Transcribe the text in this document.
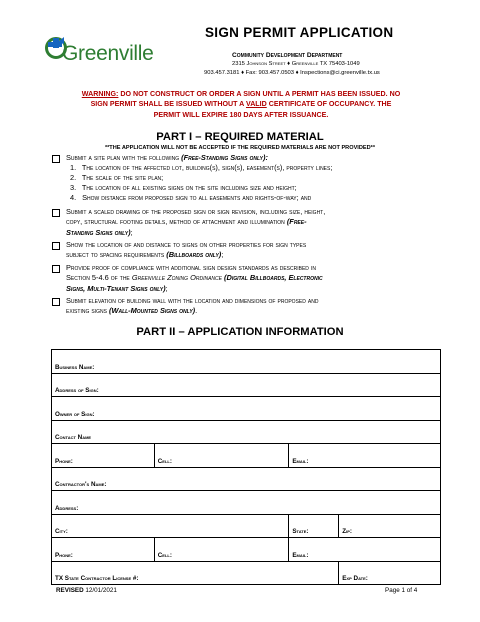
Greenville
SIGN PERMIT APPLICATION
Community Development Department
2315 Johnson Street ♦ Greenville TX 75403-1049
903.457.3181 ♦ Fax: 903.457.0503 ♦ Inspections@ci.greenville.tx.us
WARNING: DO NOT CONSTRUCT OR ORDER A SIGN UNTIL A PERMIT HAS BEEN ISSUED. NO
SIGN PERMIT SHALL BE ISSUED WITHOUT A VALID CERTIFICATE OF OCCUPANCY. THE
PERMIT WILL EXPIRE 180 DAYS AFTER ISSUANCE.
PART I – REQUIRED MATERIAL
**THE APPLICATION WILL NOT BE ACCEPTED IF THE REQUIRED MATERIALS ARE NOT PROVIDED**
Submit a site plan with the following (Free-Standing Signs only):
1. The location of the affected lot, building(s), sign(s), easement(s), property lines;
2. The scale of the site plan;
3. The location of all existing signs on the site including size and height;
4. Show distance from proposed sign to all easements and rights-of-way; and
Submit a scaled drawing of the proposed sign or sign revision, including size, height,
copy, structural footing details, method of attachment and illumination (Free-
Standing Signs only);
Show the location of and distance to signs on other properties for sign types
subject to spacing requirements (Billboards only);
Provide proof of compliance with additional sign design standards as described in
Section 5-4.6 of the Greenville Zoning Ordinance (Digital Billboards, Electronic
Signs, Multi-Tenant Signs only);
Submit elevation of building wall with the location and dimensions of proposed and
existing signs (Wall-Mounted Signs only).
PART II – APPLICATION INFORMATION
Business Name:			
Address of Sign:			
Owner of Sign:			
Contact Name			
Phone:	Cell:	Email:	
Contractor's Name:			
Address:			
City:		State:	Zip:
Phone:	Cell:	Email:	
TX State Contractor License #:			Exp Date:
REVISED 12/01/2021	Page 1 of 4
